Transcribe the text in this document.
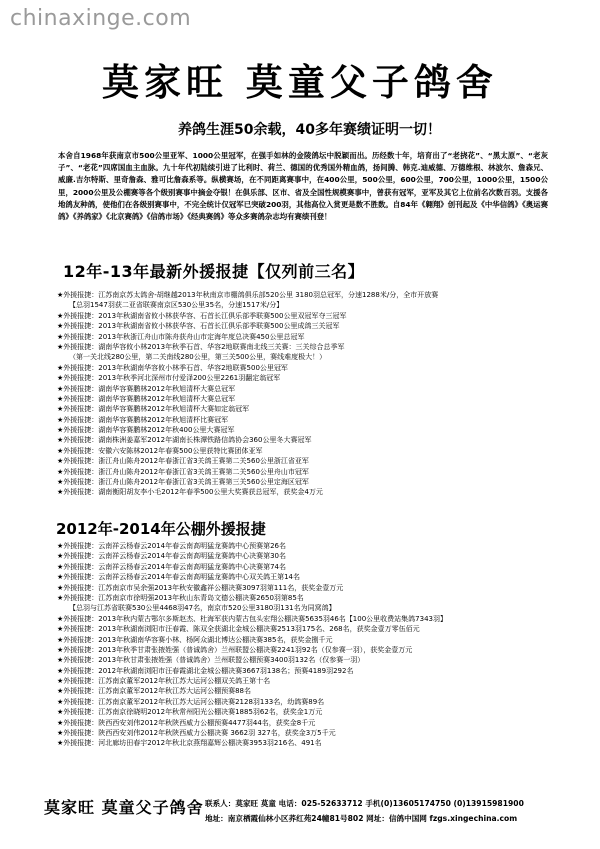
chinaxinge.com
莫家旺 莫童父子鸽舍
养鸽生涯50余载，40多年赛绩证明一切！
本舍自1968年获南京市500公里亚军、1000公里冠军，在强手如林的金陵鸽坛中脱颖而出。历经数十年，培育出了“老挠花”、“黑太原”、“老灰子”、“老花”四席国血主血脉。九十年代初陆续引进了比利时、荷兰、德国的优秀国外精血鸽，扬间腾、韩克.迪威德、万德维根、林波尔、詹森兄、威廉.吉尔特斯、里奇詹森、雅可比詹森系等。纵横赛场，在不同距离赛事中，在400公里，500公里，600公里，700公里，1000公里，1500公里，2000公里及公棚赛等各个级别赛事中摘金夺银！在俱乐部、区市、省及全国性规模赛事中，曾获有冠军，亚军及其它上位前名次数百羽。支援各地鸽友种鸽，使他们在各级别赛事中，不完全统计仅冠军已突破200羽，其他高位入赏更是数不胜数。自84年《翱翔》创刊起及《中华信鸽》《奥运赛鸽》《养鸽家》《北京赛鸽》《信鸽市场》《经典赛鸽》等众多赛鸽杂志均有赛绩刊登！
12年-13年最新外援报捷【仅列前三名】
★外援报捷：江苏南京苏太鸽舍-胡继越2013年秋南京市棚鸽俱乐部520公里 3180羽总冠军，分速1288米/分，全市开放赛
【总羽1547羽获二亚省联赛南京区530公里35名，分速1517米/分】
★外援报捷：2013年秋湖南省攸小林获华容、石首长江俱乐部季联赛500公里双冠军夺三冠军
★外援报捷：2013年秋湖南省攸小林获华容、石首长江俱乐部季联赛500公里成鸽三关冠军
★外援报捷：2013年秋浙江舟山市陈舟获舟山市定海年度总决赛450公里总冠军
★外援报捷：湖南华容攸小林2013年秋季石首、华容2地联赛南北线三关赛：三关综合总季军
（第一关北线280公里，第二关南线280公里，第三关500公里，赛线难度极大！）
★外援报捷：2013年秋湖南华容攸小林季石首、华容2地联赛500公里冠军
★外援报捷：2013年秋季河北深州市付爱泽200公里2261羽翻定翁冠军
★外援报捷：湖南华容赛鹏林2012年秋旭清杯大赛总冠军
★外援报捷：湖南华容赛鹏林2012年秋旭清杯大赛总冠军
★外援报捷：湖南华容赛鹏林2012年秋旭清杯大赛如定翁冠军
★外援报捷：湖南华容赛鹏林2012年秋旭清杯比赛冠军
★外援报捷：湖南华容赛鹏林2012年秋400公里大赛冠军
★外援报捷：湖南株洲姜嘉军2012年湖南长株潭铁路信鸽协会360公里冬大赛冠军
★外援报捷：安徽六安陈林2012年春赛500公里获特比赛团体亚军
★外援报捷：浙江舟山陈舟2012年春浙江省3关鸽王赛第二关560公里浙江省亚军
★外援报捷：浙江舟山陈舟2012年春浙江省3关鸽王赛第二关560公里舟山市冠军
★外援报捷：浙江舟山陈舟2012年春浙江省3关鸽王赛第三关560公里定海区冠军
★外援报捷：湖南衡阳胡友李小毛2012年春季500公里大奖赛获总冠军，获奖金4万元
2012年-2014年公棚外援报捷
★外援报捷：云南祥云杨春云2014年春云南高明猛龙赛鸽中心预赛第26名
★外援报捷：云南祥云杨春云2014年春云南高明猛龙赛鸽中心决赛第30名
★外援报捷：云南祥云杨春云2014年春云南高明猛龙赛鸽中心决赛第74名
★外援报捷：云南祥云杨春云2014年春云南高明猛龙赛鸽中心双关鸽王第14名
★外援报捷：江苏南京市吴余强2013年秋安徽鑫祥公棚决赛3097羽第111名，获奖金壹万元
★外援报捷：江苏南京市徐明强2013年秋山东青岛文德公棚决赛2650羽第85名
【总羽与江苏省联赛530公里4468羽47名，南京市520公里3180羽131名为同窝鸽】
★外援报捷：2013年秋内蒙古鄂尔多斯赵杰、杜海军获内蒙古包头宏翔公棚决赛5635羽46名【100公里收费站集鸽7343羽】
★外援报捷：2013年秋湖南浏阳市汪春霞、陈双全获湖北金城公棚决赛2513羽175名、268名，获奖金壹万零伍佰元
★外援报捷：2013年秋湖南华容赛小林、杨阿众湖北博达公棚决赛385名，获奖金捌千元
★外援报捷：2013年秋季甘肃张掖姓强（普诚鸽舍）兰州联盟公棚决赛2241羽92名（仅参赛一羽），获奖金壹万元
★外援报捷：2013年秋甘肃张掖姓强（普诚鸽舍）兰州联盟公棚预赛3400羽132名（仅参赛一羽）
★外援报捷：2012年秋湖南浏阳市汪春霞湖北金城公棚决赛3667羽138名；预赛4189羽292名
★外援报捷：江苏南京董军2012年秋江苏大运河公棚双关鸽王第十名
★外援报捷：江苏南京董军2012年秋江苏大运河公棚预赛88名
★外援报捷：江苏南京董军2012年秋江苏大运河公棚决赛2128羽133名，幼鸽赛89名
★外援报捷：江苏南京徐晓明2012年秋常州阳光公棚决赛1885羽62名，获奖金1万元
★外援报捷：陕西西安刘伟2012年秋陕西威力公棚预赛4477羽44名，获奖金8千元
★外援报捷：陕西西安刘伟2012年秋陕西威力公棚决赛 3662羽 327名，获奖金3万5千元
★外援报捷：河北廊坊田春宇2012年秋北京燕翔嘉辉公棚决赛3953羽216名、491名
莫家旺 莫童父子鸽舍 联系人：莫家旺 莫童 电话：025-52633712 手机(0)13605174750 (0)13915981900
地址：南京栖霞仙林小区荞红苑24幢81号802 网址：信鸽中国网 fzgs.xingechina.com
